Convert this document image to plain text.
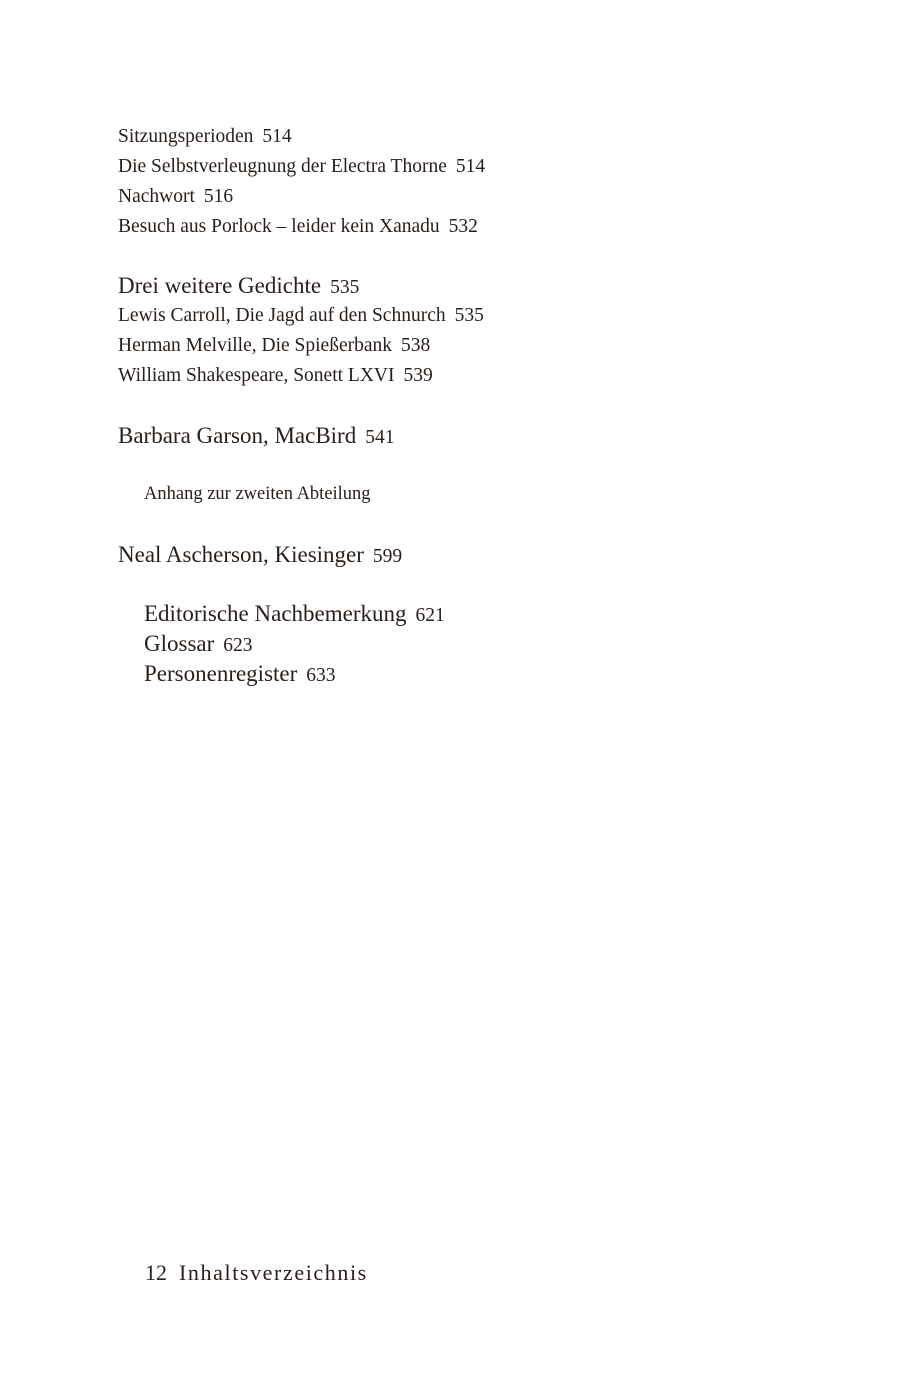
Sitzungsperioden 514
Die Selbstverleugnung der Electra Thorne 514
Nachwort 516
Besuch aus Porlock – leider kein Xanadu 532
Drei weitere Gedichte 535
Lewis Carroll, Die Jagd auf den Schnurch 535
Herman Melville, Die Spießerbank 538
William Shakespeare, Sonett LXVI 539
Barbara Garson, MacBird 541
Anhang zur zweiten Abteilung
Neal Ascherson, Kiesinger 599
Editorische Nachbemerkung 621
Glossar 623
Personenregister 633
12 Inhaltsverzeichnis
